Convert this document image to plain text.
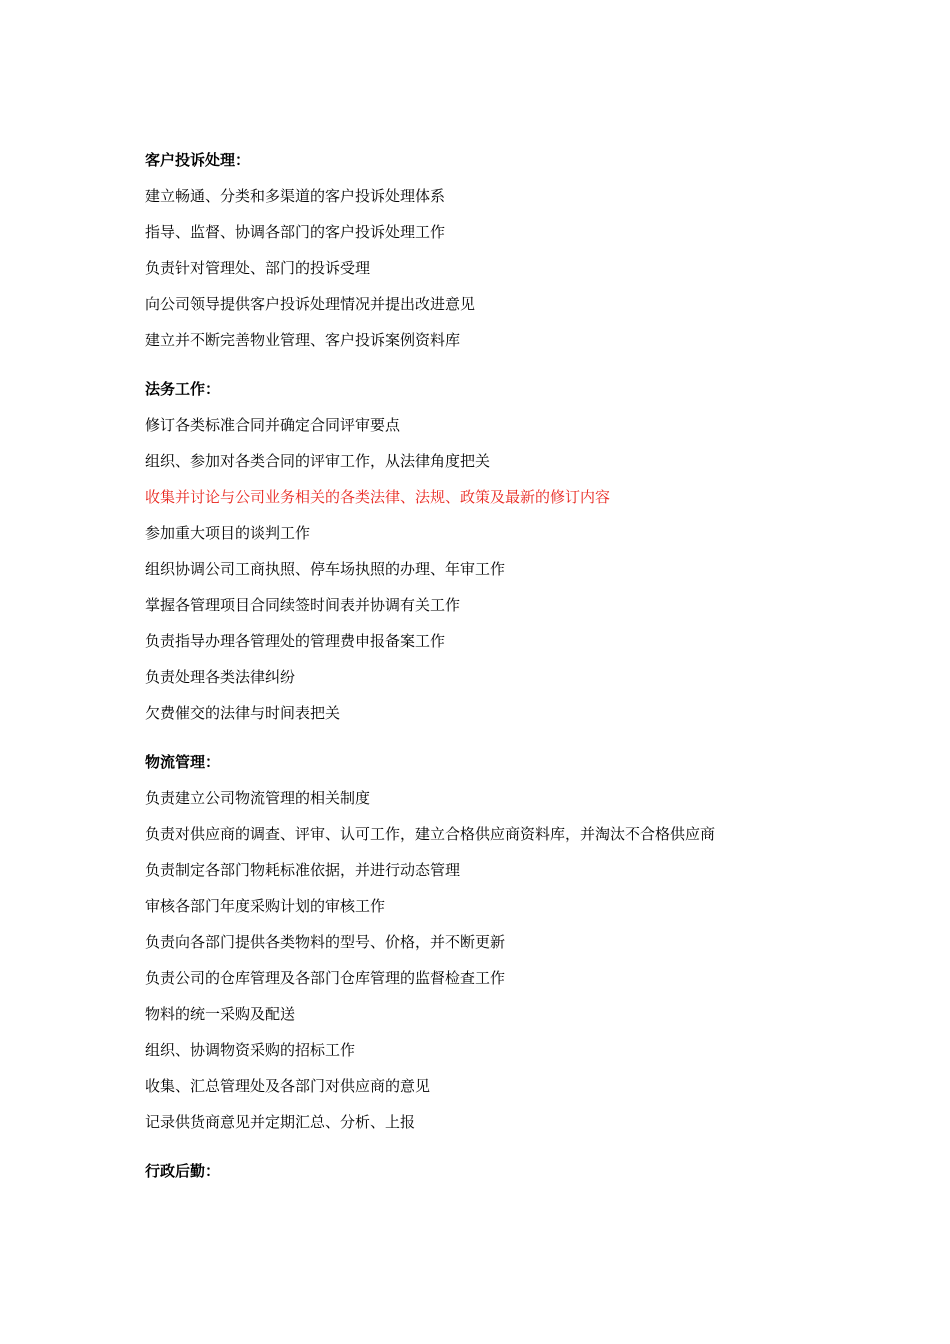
客户投诉处理：
建立畅通、分类和多渠道的客户投诉处理体系
指导、监督、协调各部门的客户投诉处理工作
负责针对管理处、部门的投诉受理
向公司领导提供客户投诉处理情况并提出改进意见
建立并不断完善物业管理、客户投诉案例资料库
法务工作：
修订各类标准合同并确定合同评审要点
组织、参加对各类合同的评审工作，从法律角度把关
收集并讨论与公司业务相关的各类法律、法规、政策及最新的修订内容
参加重大项目的谈判工作
组织协调公司工商执照、停车场执照的办理、年审工作
掌握各管理项目合同续签时间表并协调有关工作
负责指导办理各管理处的管理费申报备案工作
负责处理各类法律纠纷
欠费催交的法律与时间表把关
物流管理：
负责建立公司物流管理的相关制度
负责对供应商的调查、评审、认可工作，建立合格供应商资料库，并淘汰不合格供应商
负责制定各部门物耗标准依据，并进行动态管理
审核各部门年度采购计划的审核工作
负责向各部门提供各类物料的型号、价格，并不断更新
负责公司的仓库管理及各部门仓库管理的监督检查工作
物料的统一采购及配送
组织、协调物资采购的招标工作
收集、汇总管理处及各部门对供应商的意见
记录供货商意见并定期汇总、分析、上报
行政后勤：
